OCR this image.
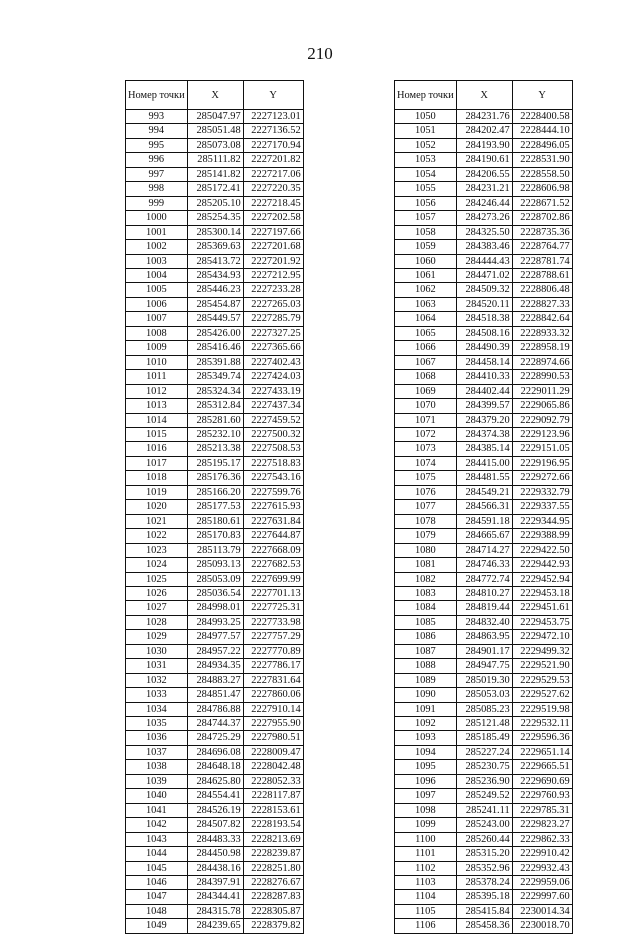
210
Номер точки	X	Y
993	285047.97	2227123.01
994	285051.48	2227136.52
995	285073.08	2227170.94
996	285111.82	2227201.82
997	285141.82	2227217.06
998	285172.41	2227220.35
999	285205.10	2227218.45
1000	285254.35	2227202.58
1001	285300.14	2227197.66
1002	285369.63	2227201.68
1003	285413.72	2227201.92
1004	285434.93	2227212.95
1005	285446.23	2227233.28
1006	285454.87	2227265.03
1007	285449.57	2227285.79
1008	285426.00	2227327.25
1009	285416.46	2227365.66
1010	285391.88	2227402.43
1011	285349.74	2227424.03
1012	285324.34	2227433.19
1013	285312.84	2227437.34
1014	285281.60	2227459.52
1015	285232.10	2227500.32
1016	285213.38	2227508.53
1017	285195.17	2227518.83
1018	285176.36	2227543.16
1019	285166.20	2227599.76
1020	285177.53	2227615.93
1021	285180.61	2227631.84
1022	285170.83	2227644.87
1023	285113.79	2227668.09
1024	285093.13	2227682.53
1025	285053.09	2227699.99
1026	285036.54	2227701.13
1027	284998.01	2227725.31
1028	284993.25	2227733.98
1029	284977.57	2227757.29
1030	284957.22	2227770.89
1031	284934.35	2227786.17
1032	284883.27	2227831.64
1033	284851.47	2227860.06
1034	284786.88	2227910.14
1035	284744.37	2227955.90
1036	284725.29	2227980.51
1037	284696.08	2228009.47
1038	284648.18	2228042.48
1039	284625.80	2228052.33
1040	284554.41	2228117.87
1041	284526.19	2228153.61
1042	284507.82	2228193.54
1043	284483.33	2228213.69
1044	284450.98	2228239.87
1045	284438.16	2228251.80
1046	284397.91	2228276.67
1047	284344.41	2228287.83
1048	284315.78	2228305.87
1049	284239.65	2228379.82
Номер точки	X	Y
1050	284231.76	2228400.58
1051	284202.47	2228444.10
1052	284193.90	2228496.05
1053	284190.61	2228531.90
1054	284206.55	2228558.50
1055	284231.21	2228606.98
1056	284246.44	2228671.52
1057	284273.26	2228702.86
1058	284325.50	2228735.36
1059	284383.46	2228764.77
1060	284444.43	2228781.74
1061	284471.02	2228788.61
1062	284509.32	2228806.48
1063	284520.11	2228827.33
1064	284518.38	2228842.64
1065	284508.16	2228933.32
1066	284490.39	2228958.19
1067	284458.14	2228974.66
1068	284410.33	2228990.53
1069	284402.44	2229011.29
1070	284399.57	2229065.86
1071	284379.20	2229092.79
1072	284374.38	2229123.96
1073	284385.14	2229151.05
1074	284415.00	2229196.95
1075	284481.55	2229272.66
1076	284549.21	2229332.79
1077	284566.31	2229337.55
1078	284591.18	2229344.95
1079	284665.67	2229388.99
1080	284714.27	2229422.50
1081	284746.33	2229442.93
1082	284772.74	2229452.94
1083	284810.27	2229453.18
1084	284819.44	2229451.61
1085	284832.40	2229453.75
1086	284863.95	2229472.10
1087	284901.17	2229499.32
1088	284947.75	2229521.90
1089	285019.30	2229529.53
1090	285053.03	2229527.62
1091	285085.23	2229519.98
1092	285121.48	2229532.11
1093	285185.49	2229596.36
1094	285227.24	2229651.14
1095	285230.75	2229665.51
1096	285236.90	2229690.69
1097	285249.52	2229760.93
1098	285241.11	2229785.31
1099	285243.00	2229823.27
1100	285260.44	2229862.33
1101	285315.20	2229910.42
1102	285352.96	2229932.43
1103	285378.24	2229959.06
1104	285395.18	2229997.60
1105	285415.84	2230014.34
1106	285458.36	2230018.70
